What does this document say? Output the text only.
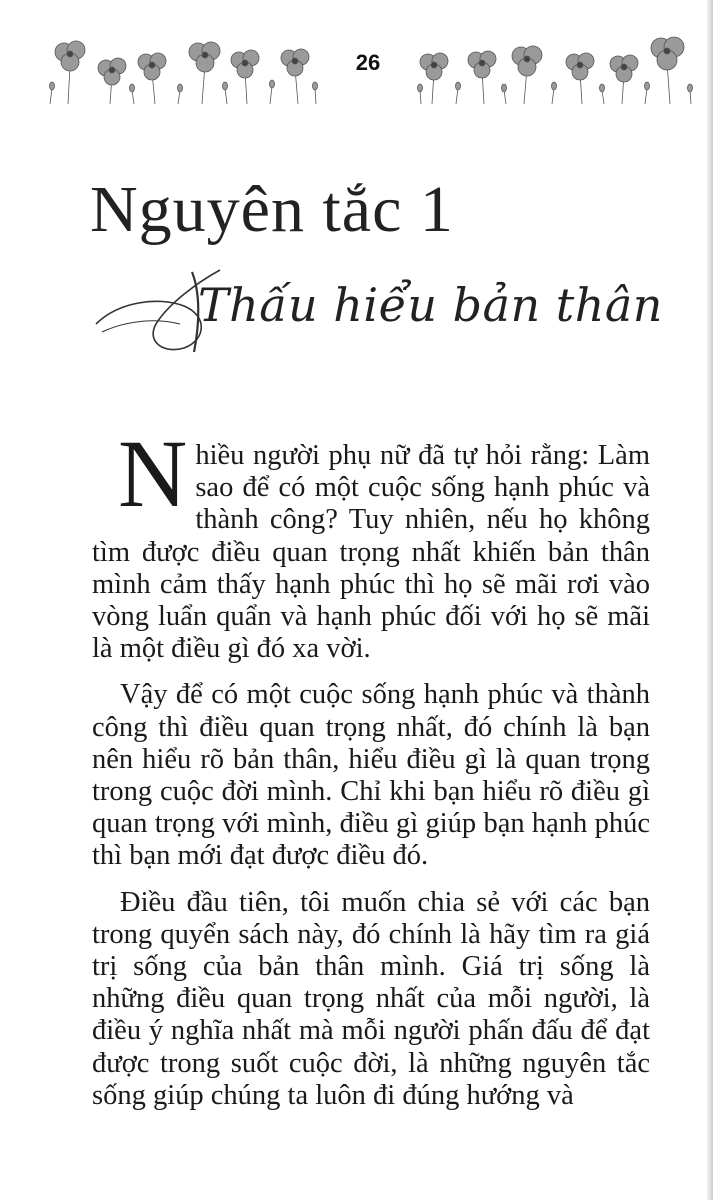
26
Nguyên tắc 1
Thấu hiểu bản thân

Nhiều người phụ nữ đã tự hỏi rằng: Làm sao để có một cuộc sống hạnh phúc và thành công? Tuy nhiên, nếu họ không tìm được điều quan trọng nhất khiến bản thân mình cảm thấy hạnh phúc thì họ sẽ mãi rơi vào vòng luẩn quẩn và hạnh phúc đối với họ sẽ mãi là một điều gì đó xa vời.

Vậy để có một cuộc sống hạnh phúc và thành công thì điều quan trọng nhất, đó chính là bạn nên hiểu rõ bản thân, hiểu điều gì là quan trọng trong cuộc đời mình. Chỉ khi bạn hiểu rõ điều gì quan trọng với mình, điều gì giúp bạn hạnh phúc thì bạn mới đạt được điều đó.

Điều đầu tiên, tôi muốn chia sẻ với các bạn trong quyển sách này, đó chính là hãy tìm ra giá trị sống của bản thân mình. Giá trị sống là những điều quan trọng nhất của mỗi người, là điều ý nghĩa nhất mà mỗi người phấn đấu để đạt được trong suốt cuộc đời, là những nguyên tắc sống giúp chúng ta luôn đi đúng hướng và
